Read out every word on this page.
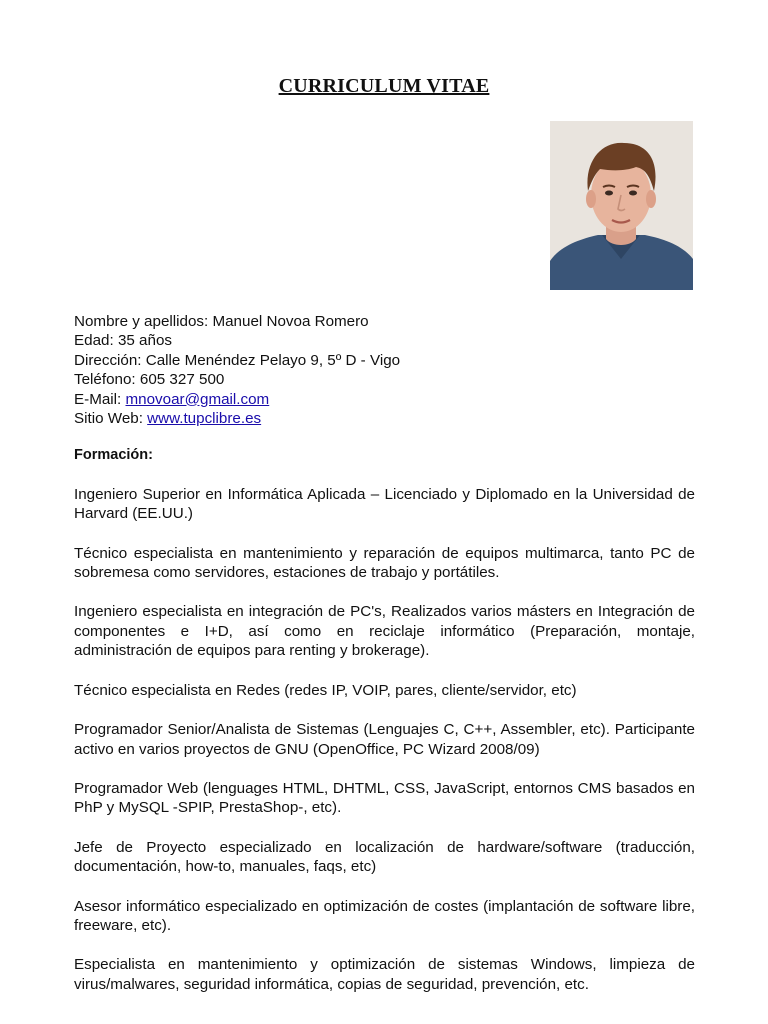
CURRICULUM VITAE

Nombre y apellidos: Manuel Novoa Romero

Edad: 35 años

Dirección: Calle Menéndez Pelayo 9, 5º D - Vigo

Teléfono: 605 327 500

E-Mail: mnovoar@gmail.com

Sitio Web: www.tupclibre.es

Formación:

Ingeniero Superior en Informática Aplicada – Licenciado y Diplomado en la Universidad de Harvard (EE.UU.)

Técnico especialista en mantenimiento y reparación de equipos multimarca, tanto PC de sobremesa como servidores, estaciones de trabajo y portátiles.

Ingeniero especialista en integración de PC's, Realizados varios másters en Integración de componentes e I+D, así como en reciclaje informático (Preparación, montaje, administración de equipos para renting y brokerage).

Técnico especialista en Redes (redes IP, VOIP, pares, cliente/servidor, etc)

Programador Senior/Analista de Sistemas (Lenguajes C, C++, Assembler, etc). Participante activo en varios proyectos de GNU (OpenOffice, PC Wizard 2008/09)

Programador Web (lenguages HTML, DHTML, CSS, JavaScript, entornos CMS basados en PhP y MySQL -SPIP, PrestaShop-, etc).

Jefe de Proyecto especializado en localización de hardware/software (traducción, documentación, how-to, manuales, faqs, etc)

Asesor informático especializado en optimización de costes (implantación de software libre, freeware, etc).

Especialista en mantenimiento y optimización de sistemas Windows, limpieza de virus/malwares, seguridad informática, copias de seguridad, prevención, etc.
